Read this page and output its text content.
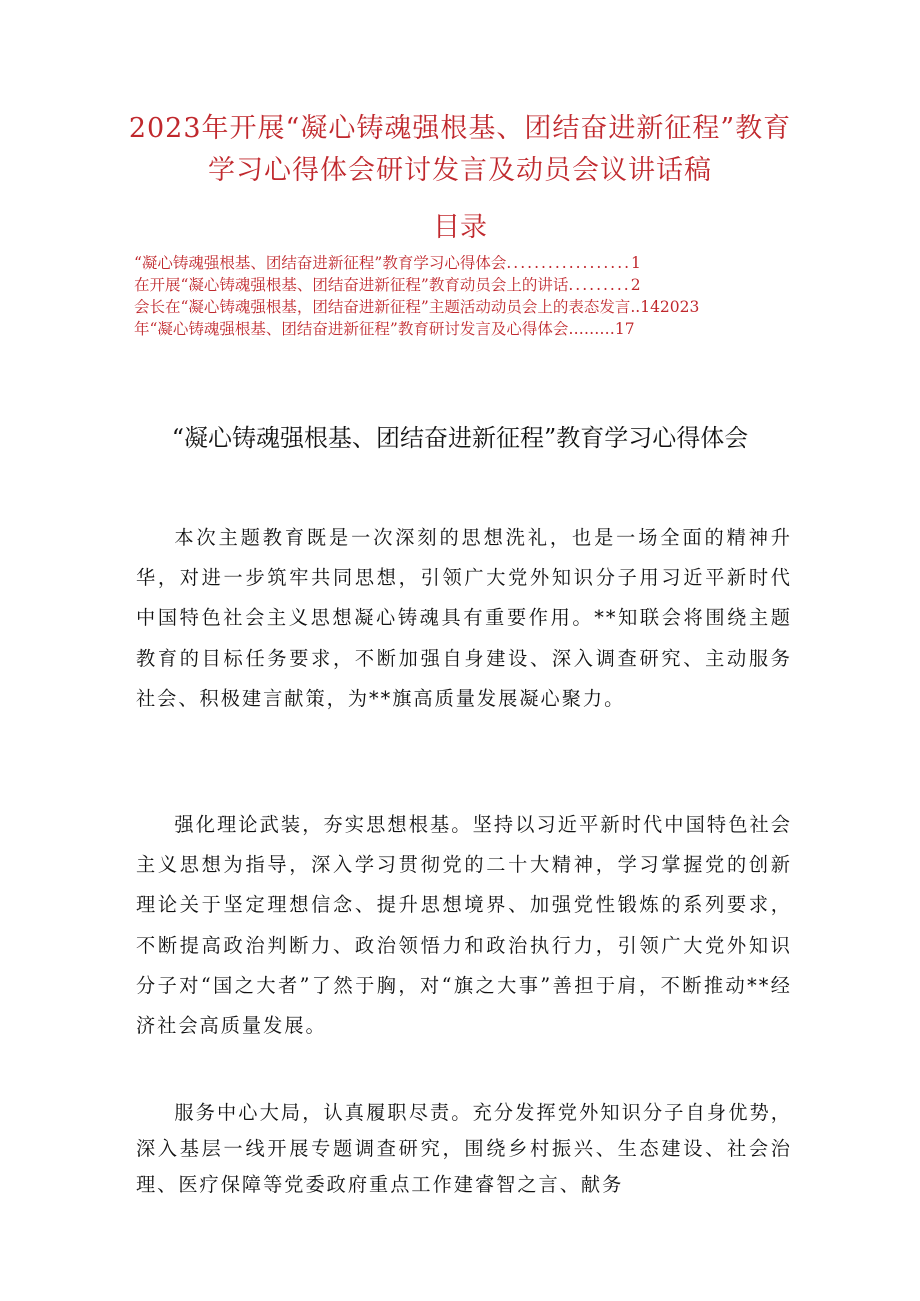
2023年开展“凝心铸魂强根基、团结奋进新征程”教育学习心得体会研讨发言及动员会议讲话稿
目录
“凝心铸魂强根基、团结奋进新征程”教育学习心得体会 .................. 1
在开展“凝心铸魂强根基、团结奋进新征程”教育动员会上的讲话 ......... 2
会长在“凝心铸魂强根基，团结奋进新征程”主题活动动员会上的表态发言..142023
年“凝心铸魂强根基、团结奋进新征程”教育研讨发言及心得体会………17
“凝心铸魂强根基、团结奋进新征程”教育学习心得体会

本次主题教育既是一次深刻的思想洗礼，也是一场全面的精神升华，对进一步筑牢共同思想，引领广大党外知识分子用习近平新时代中国特色社会主义思想凝心铸魂具有重要作用。**知联会将围绕主题教育的目标任务要求，不断加强自身建设、深入调查研究、主动服务社会、积极建言献策，为**旗高质量发展凝心聚力。

强化理论武装，夯实思想根基。坚持以习近平新时代中国特色社会主义思想为指导，深入学习贯彻党的二十大精神，学习掌握党的创新理论关于坚定理想信念、提升思想境界、加强党性锻炼的系列要求，不断提高政治判断力、政治领悟力和政治执行力，引领广大党外知识分子对“国之大者”了然于胸，对“旗之大事”善担于肩，不断推动**经济社会高质量发展。

服务中心大局，认真履职尽责。充分发挥党外知识分子自身优势，深入基层一线开展专题调查研究，围绕乡村振兴、生态建设、社会治理、医疗保障等党委政府重点工作建睿智之言、献务
